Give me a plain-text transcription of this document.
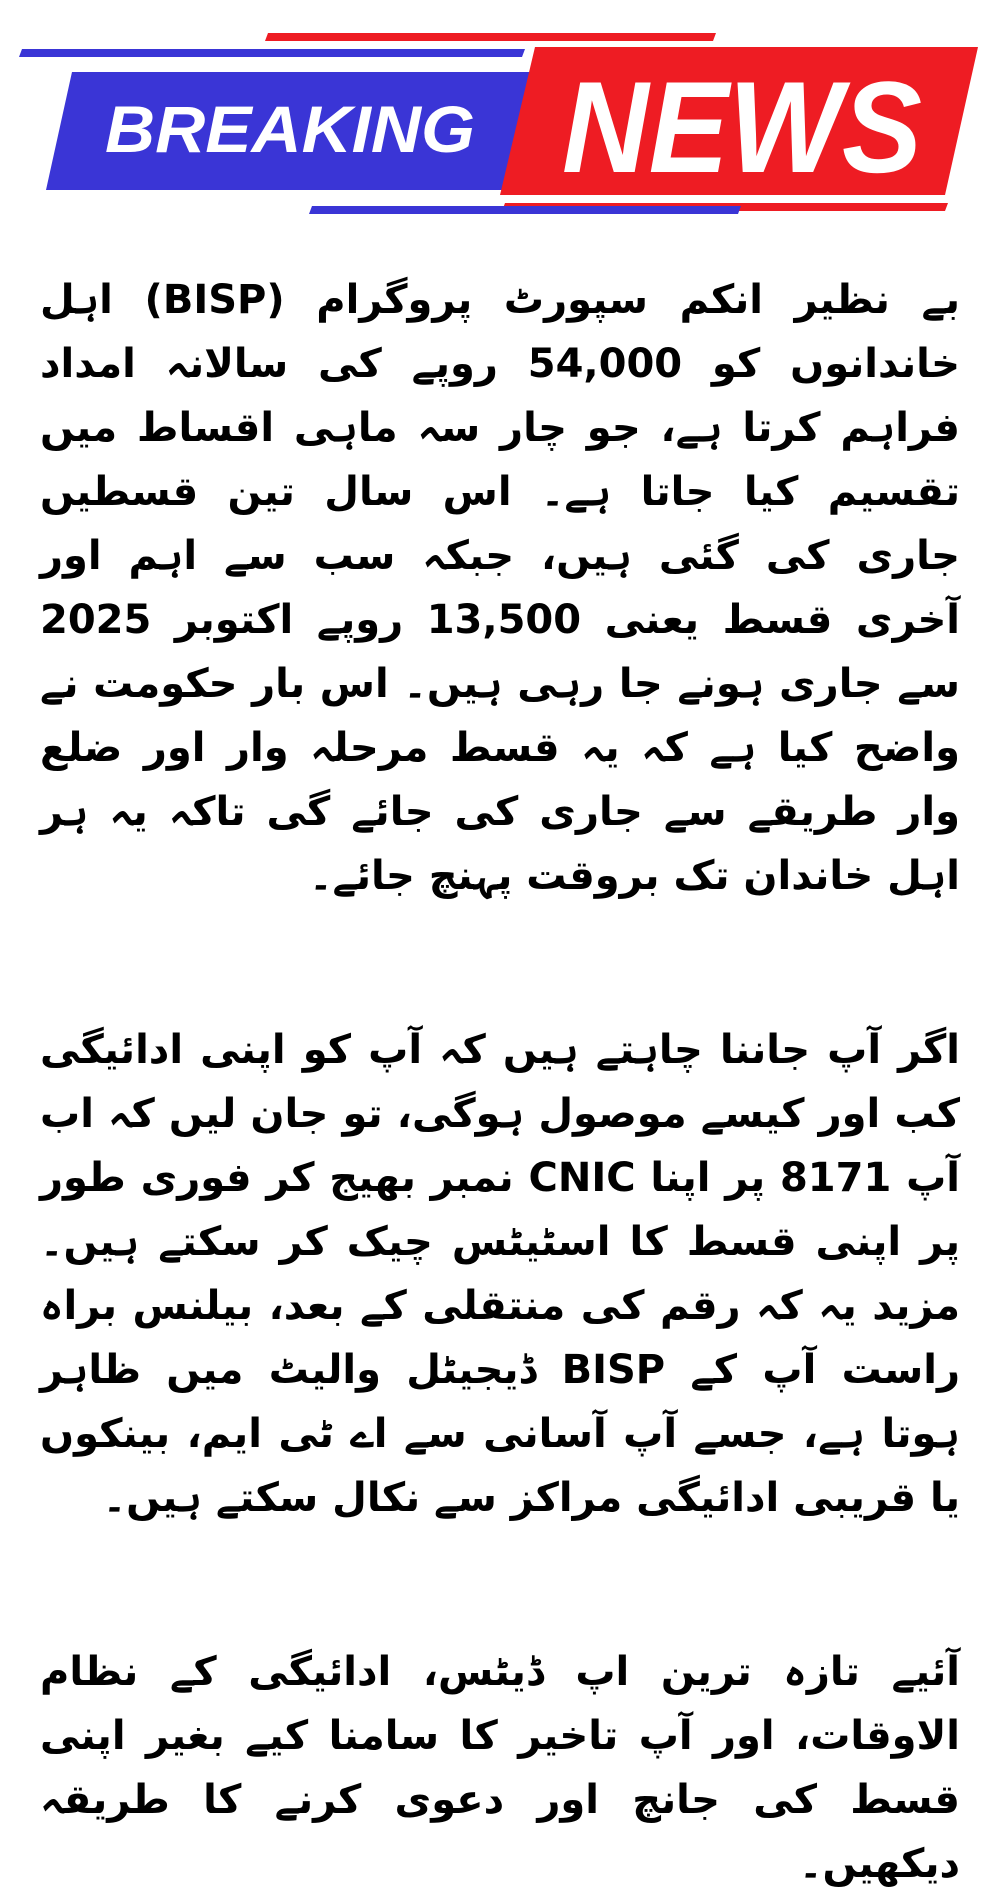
BREAKING NEWS

بے نظیر انکم سپورٹ پروگرام (BISP) اہل خاندانوں کو 54,000 روپے کی سالانہ امداد فراہم کرتا ہے، جو چار سہ ماہی اقساط میں تقسیم کیا جاتا ہے۔ اس سال تین قسطیں جاری کی گئی ہیں، جبکہ سب سے اہم اور آخری قسط یعنی 13,500 روپے اکتوبر 2025 سے جاری ہونے جا رہی ہیں۔ اس بار حکومت نے واضح کیا ہے کہ یہ قسط مرحلہ وار اور ضلع وار طریقے سے جاری کی جائے گی تاکہ یہ ہر اہل خاندان تک بروقت پہنچ جائے۔

اگر آپ جاننا چاہتے ہیں کہ آپ کو اپنی ادائیگی کب اور کیسے موصول ہوگی، تو جان لیں کہ اب آپ 8171 پر اپنا CNIC نمبر بھیج کر فوری طور پر اپنی قسط کا اسٹیٹس چیک کر سکتے ہیں۔ مزید یہ کہ رقم کی منتقلی کے بعد، بیلنس براہ راست آپ کے BISP ڈیجیٹل والیٹ میں ظاہر ہوتا ہے، جسے آپ آسانی سے اے ٹی ایم، بینکوں یا قریبی ادائیگی مراکز سے نکال سکتے ہیں۔

آئیے تازہ ترین اپ ڈیٹس، ادائیگی کے نظام الاوقات، اور آپ تاخیر کا سامنا کیے بغیر اپنی قسط کی جانچ اور دعوی کرنے کا طریقہ دیکھیں۔
